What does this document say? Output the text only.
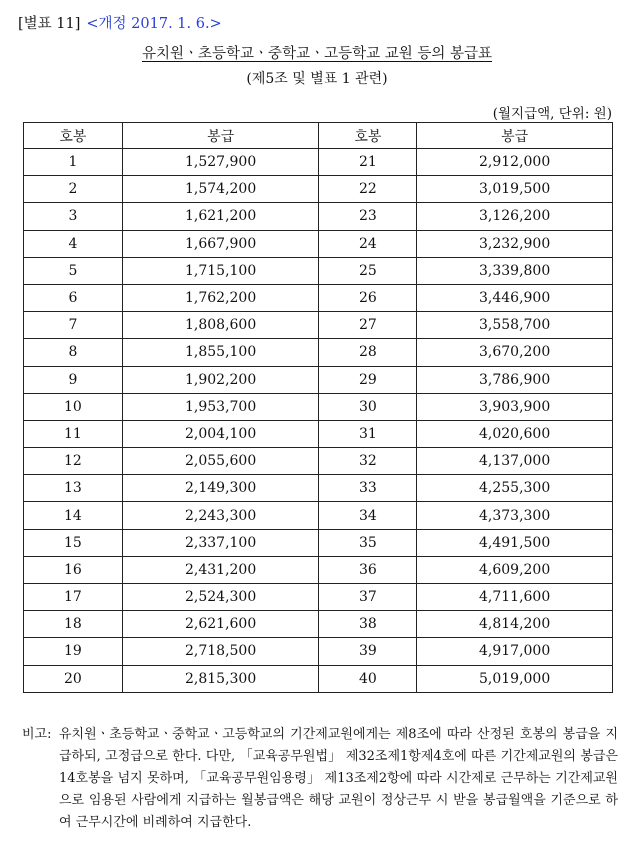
[별표 11] <개정 2017. 1. 6.>
유치원ㆍ초등학교ㆍ중학교ㆍ고등학교 교원 등의 봉급표
(제5조 및 별표 1 관련)
(월지급액, 단위: 원)
호봉	봉급	호봉	봉급
1	1,527,900	21	2,912,000
2	1,574,200	22	3,019,500
3	1,621,200	23	3,126,200
4	1,667,900	24	3,232,900
5	1,715,100	25	3,339,800
6	1,762,200	26	3,446,900
7	1,808,600	27	3,558,700
8	1,855,100	28	3,670,200
9	1,902,200	29	3,786,900
10	1,953,700	30	3,903,900
11	2,004,100	31	4,020,600
12	2,055,600	32	4,137,000
13	2,149,300	33	4,255,300
14	2,243,300	34	4,373,300
15	2,337,100	35	4,491,500
16	2,431,200	36	4,609,200
17	2,524,300	37	4,711,600
18	2,621,600	38	4,814,200
19	2,718,500	39	4,917,000
20	2,815,300	40	5,019,000
비고: 유치원ㆍ초등학교ㆍ중학교ㆍ고등학교의 기간제교원에게는 제8조에 따라 산정된 호봉의 봉급을 지급하되, 고정급으로 한다. 다만, 「교육공무원법」 제32조제1항제4호에 따른 기간제교원의 봉급은 14호봉을 넘지 못하며, 「교육공무원임용령」 제13조제2항에 따라 시간제로 근무하는 기간제교원으로 임용된 사람에게 지급하는 월봉급액은 해당 교원이 정상근무 시 받을 봉급월액을 기준으로 하여 근무시간에 비례하여 지급한다.
